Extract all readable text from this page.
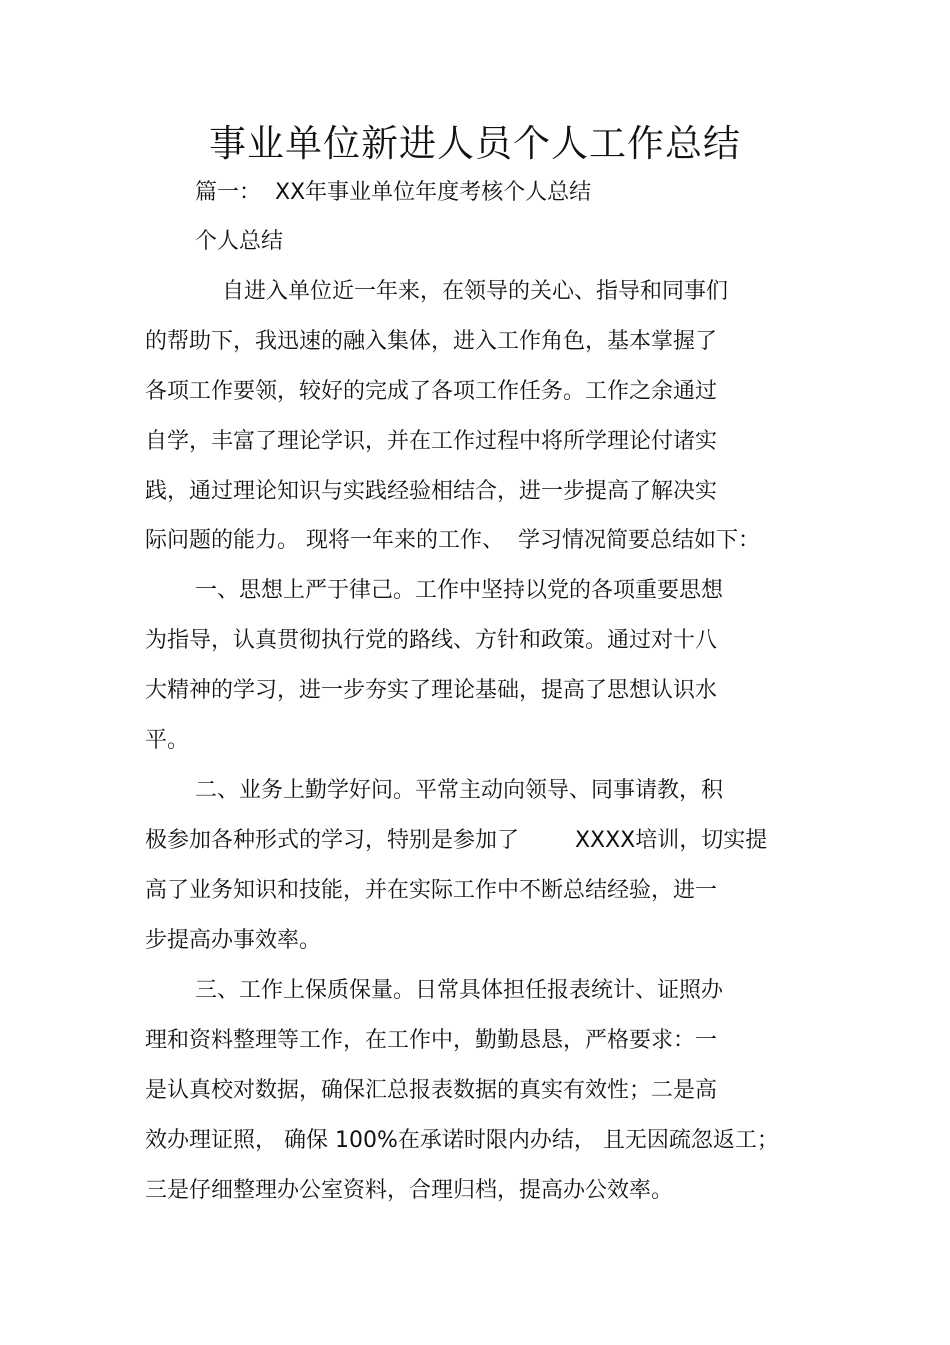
事业单位新进人员个人工作总结
篇一：  XX年事业单位年度考核个人总结
个人总结
自进入单位近一年来，在领导的关心、指导和同事们
的帮助下，我迅速的融入集体，进入工作角色，基本掌握了
各项工作要领，较好的完成了各项工作任务。工作之余通过
自学，丰富了理论学识，并在工作过程中将所学理论付诸实
践，通过理论知识与实践经验相结合，进一步提高了解决实
际问题的能力。 现将一年来的工作、  学习情况简要总结如下：
一、思想上严于律己。工作中坚持以党的各项重要思想
为指导，认真贯彻执行党的路线、方针和政策。通过对十八
大精神的学习，进一步夯实了理论基础，提高了思想认识水
平。
二、业务上勤学好问。平常主动向领导、同事请教，积
极参加各种形式的学习，特别是参加了        XXXX培训，切实提
高了业务知识和技能，并在实际工作中不断总结经验，进一
步提高办事效率。
三、工作上保质保量。日常具体担任报表统计、证照办
理和资料整理等工作，在工作中，勤勤恳恳，严格要求：一
是认真校对数据，确保汇总报表数据的真实有效性；二是高
效办理证照， 确保 100%在承诺时限内办结， 且无因疏忽返工；
三是仔细整理办公室资料，合理归档，提高办公效率。
